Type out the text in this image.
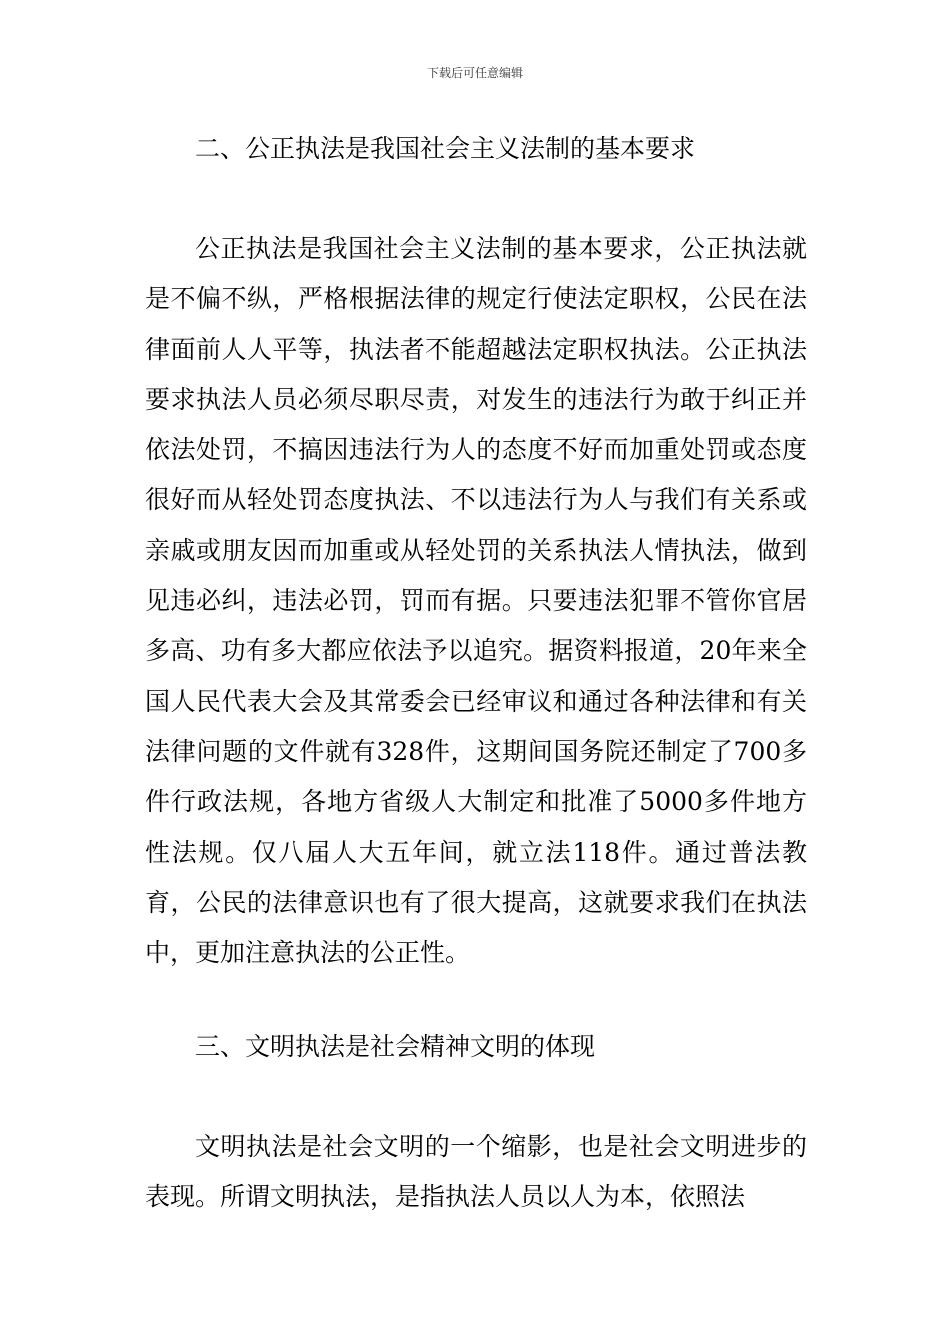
下载后可任意编辑
二、公正执法是我国社会主义法制的基本要求

公正执法是我国社会主义法制的基本要求，公正执法就是不偏不纵，严格根据法律的规定行使法定职权，公民在法律面前人人平等，执法者不能超越法定职权执法。公正执法要求执法人员必须尽职尽责，对发生的违法行为敢于纠正并依法处罚，不搞因违法行为人的态度不好而加重处罚或态度很好而从轻处罚态度执法、不以违法行为人与我们有关系或亲戚或朋友因而加重或从轻处罚的关系执法人情执法，做到见违必纠，违法必罚，罚而有据。只要违法犯罪不管你官居多高、功有多大都应依法予以追究。据资料报道，20年来全国人民代表大会及其常委会已经审议和通过各种法律和有关法律问题的文件就有328件，这期间国务院还制定了700多件行政法规，各地方省级人大制定和批准了5000多件地方性法规。仅八届人大五年间，就立法118件。通过普法教育，公民的法律意识也有了很大提高，这就要求我们在执法中，更加注意执法的公正性。

三、文明执法是社会精神文明的体现

文明执法是社会文明的一个缩影，也是社会文明进步的表现。所谓文明执法，是指执法人员以人为本，依照法
